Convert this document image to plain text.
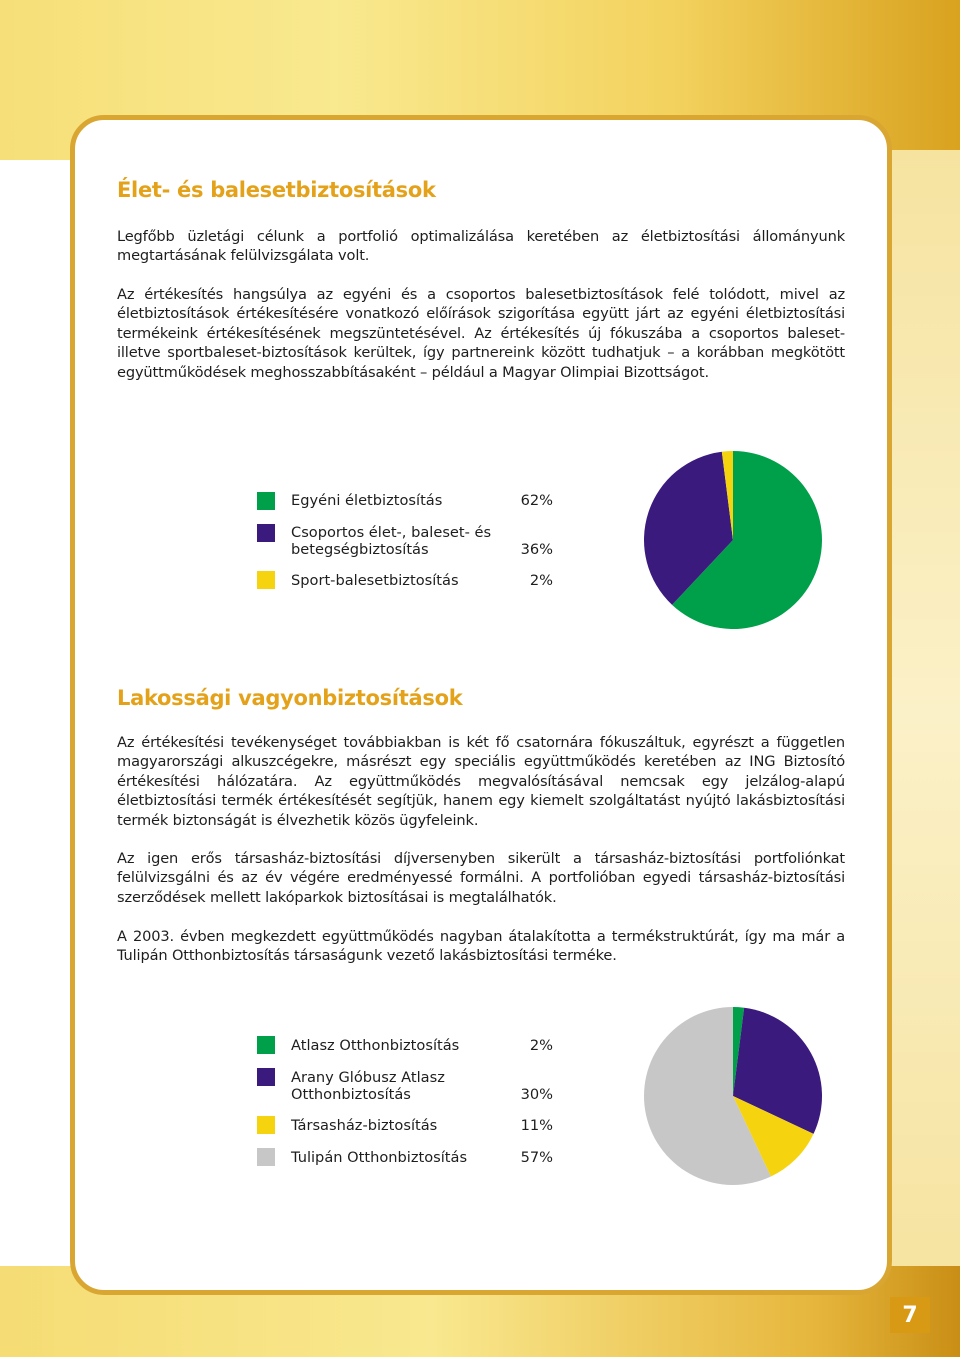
Élet- és balesetbiztosítások

Legfőbb üzletági célunk a portfolió optimalizálása keretében az életbiztosítási állományunk megtartásának felülvizsgálata volt.

Az értékesítés hangsúlya az egyéni és a csoportos balesetbiztosítások felé tolódott, mivel az életbiztosítások értékesítésére vonatkozó előírások szigorítása együtt járt az egyéni életbiztosítási termékeink értékesítésének megszüntetésével. Az értékesítés új fókuszába a csoportos baleset- illetve sportbaleset-biztosítások kerültek, így partnereink között tudhatjuk – a korábban megkötött együttműködések meghosszabbításaként – például a Magyar Olimpiai Bizottságot.

Egyéni életbiztosítás	62%
Csoportos élet-, baleset- és betegségbiztosítás	36%
Sport-balesetbiztosítás	2%
Lakossági vagyonbiztosítások

Az értékesítési tevékenységet továbbiakban is két fő csatornára fókuszáltuk, egyrészt a független magyarországi alkuszcégekre, másrészt egy speciális együttműködés keretében az ING Biztosító értékesítési hálózatára. Az együttműködés megvalósításával nemcsak egy jelzálog-alapú életbiztosítási termék értékesítését segítjük, hanem egy kiemelt szolgáltatást nyújtó lakásbiztosítási termék biztonságát is élvezhetik közös ügyfeleink.

Az igen erős társasház-biztosítási díjversenyben sikerült a társasház-biztosítási portfoliónkat felülvizsgálni és az év végére eredményessé formálni. A portfolióban egyedi társasház-biztosítási szerződések mellett lakóparkok biztosításai is megtalálhatók.

A 2003. évben megkezdett együttműködés nagyban átalakította a termékstruktúrát, így ma már a Tulipán Otthonbiztosítás társaságunk vezető lakásbiztosítási terméke.

Atlasz Otthonbiztosítás	2%
Arany Glóbusz Atlasz Otthonbiztosítás	30%
Társasház-biztosítás	11%
Tulipán Otthonbiztosítás	57%
7
